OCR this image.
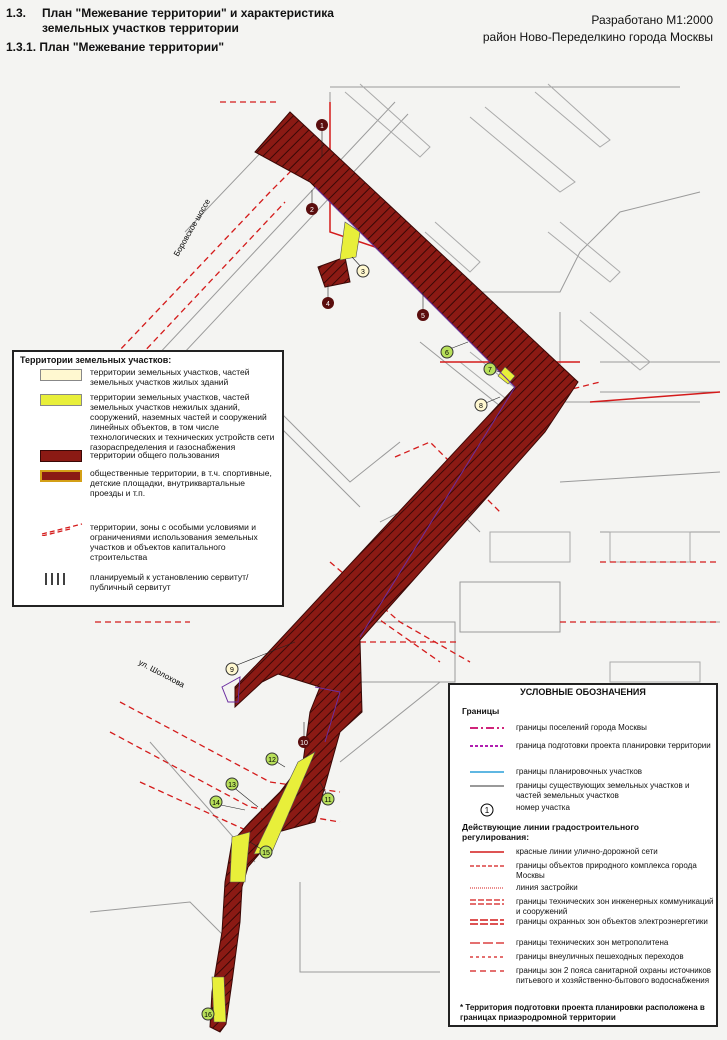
1.3. План "Межевание территории" и характеристика
земельных участков территории
1.3.1. План "Межевание территории"
Разработано М1:2000
район Ново-Переделкино города Москвы
1
2
3
4
5
6
7
8
9
10
11
12
13
14
15
16
Боровское шоссе
ул. Шолохова
Территории земельных участков:
территории земельных участков, частей
земельных участков жилых зданий
территории земельных участков, частей
земельных участков нежилых зданий,
сооружений, наземных частей и сооружений
линейных объектов, в том числе
технологических и технических устройств сети газораспределения и газоснабжения
территории общего пользования
общественные территории, в т.ч. спортивные,
детские площадки, внутриквартальные
проезды и т.п.
территории, зоны с особыми условиями и
ограничениями использования земельных
участков и объектов капитального
строительства
планируемый к установлению сервитут/
публичный сервитут
УСЛОВНЫЕ ОБОЗНАЧЕНИЯ
Границы
границы поселений города Москвы
граница подготовки проекта планировки территории
границы планировочных участков
границы существующих земельных участков и частей земельных участков
1	номер участка
Действующие линии градостроительного регулирования:
красные линии улично-дорожной сети
границы объектов природного комплекса города Москвы
линия застройки
границы технических зон инженерных коммуникаций и сооружений
границы охранных зон объектов электроэнергетики
границы технических зон метрополитена
границы внеуличных пешеходных переходов
границы зон 2 пояса санитарной охраны источников питьевого и хозяйственно-бытового водоснабжения
* Территория подготовки проекта планировки расположена в границах приаэродромной территории
